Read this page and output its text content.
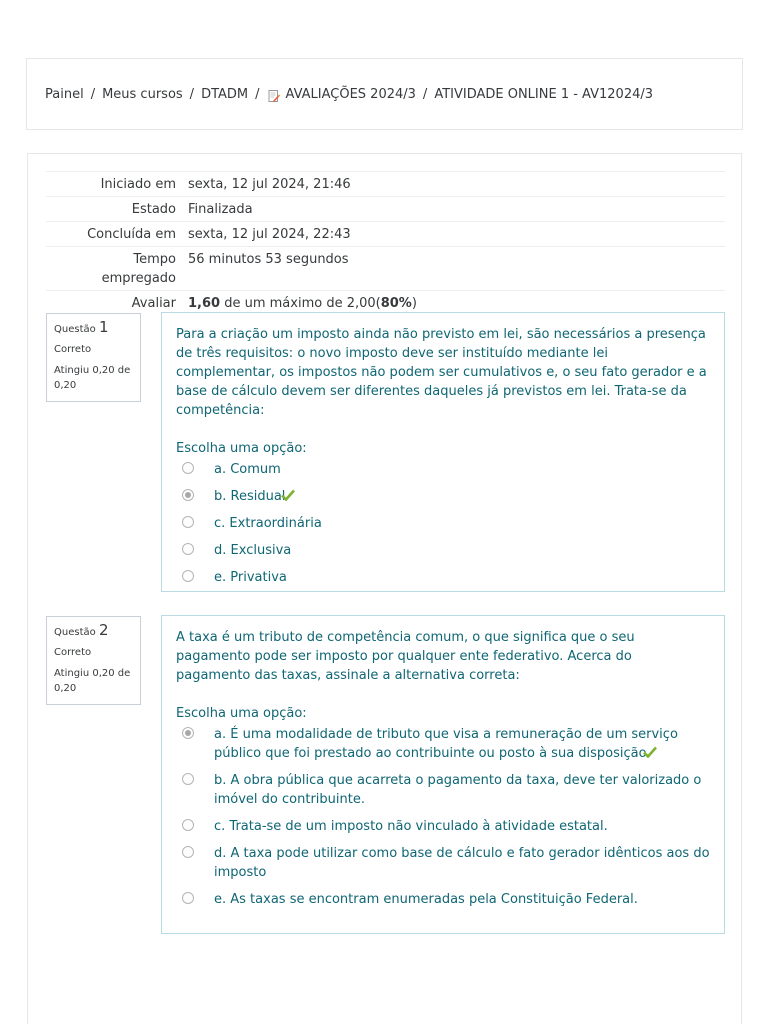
Painel / Meus cursos / DTADM / AVALIAÇÕES 2024/3 / ATIVIDADE ONLINE 1 - AV12024/3
Iniciado em	sexta, 12 jul 2024, 21:46
Estado	Finalizada
Concluída em	sexta, 12 jul 2024, 22:43
Tempo
empregado	56 minutos 53 segundos
Avaliar	1,60 de um máximo de 2,00(80%)
Questão 1
Correto
Atingiu 0,20 de
0,20
Para a criação um imposto ainda não previsto em lei, são necessários a presença de três requisitos: o novo imposto deve ser instituído mediante lei complementar, os impostos não podem ser cumulativos e, o seu fato gerador e a base de cálculo devem ser diferentes daqueles já previstos em lei. Trata-se da competência:
Escolha uma opção:
a. Comum
b. Residual
c. Extraordinária
d. Exclusiva
e. Privativa
Questão 2
Correto
Atingiu 0,20 de
0,20
A taxa é um tributo de competência comum, o que significa que o seu pagamento pode ser imposto por qualquer ente federativo. Acerca do pagamento das taxas, assinale a alternativa correta:
Escolha uma opção:
a. É uma modalidade de tributo que visa a remuneração de um serviço público que foi prestado ao contribuinte ou posto à sua disposição
b. A obra pública que acarreta o pagamento da taxa, deve ter valorizado o imóvel do contribuinte.
c. Trata-se de um imposto não vinculado à atividade estatal.
d. A taxa pode utilizar como base de cálculo e fato gerador idênticos aos do imposto
e. As taxas se encontram enumeradas pela Constituição Federal.
